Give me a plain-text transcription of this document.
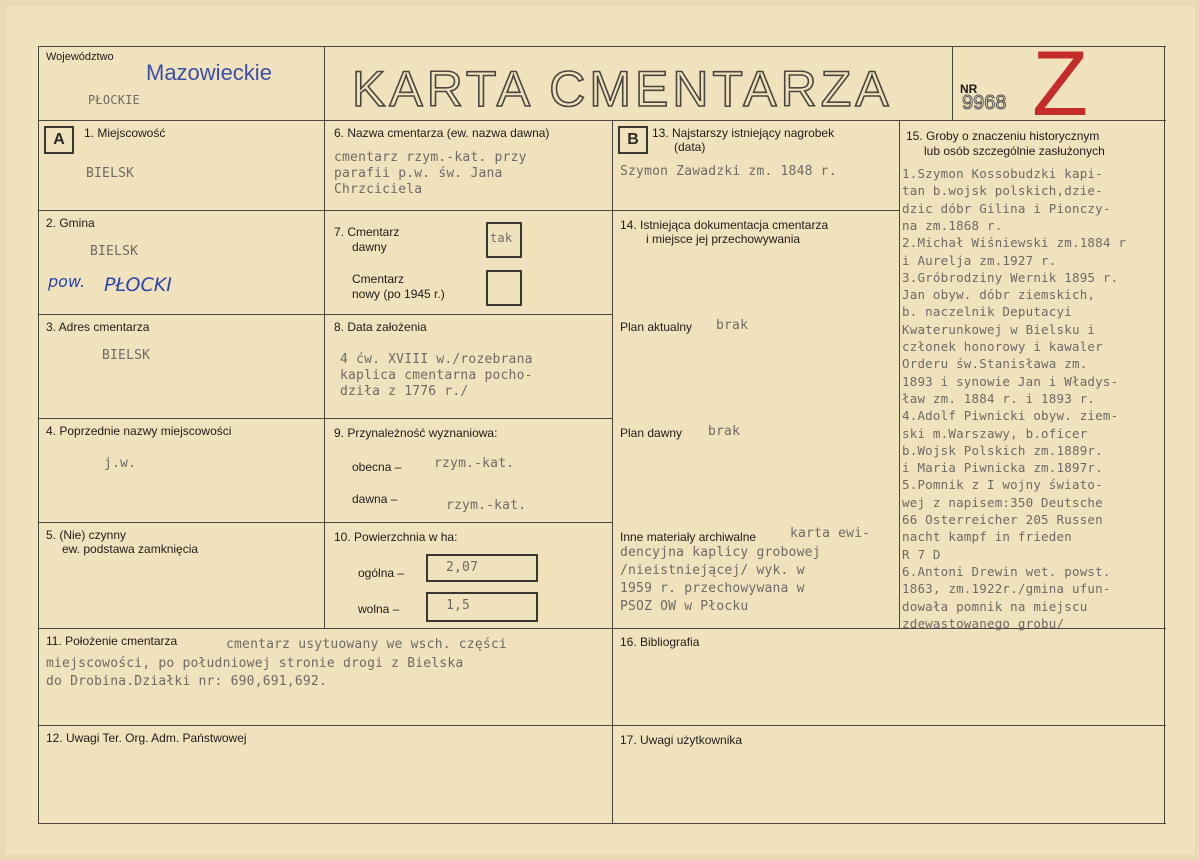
Województwo
Mazowieckie
PŁOCKIE	KARTA CMENTARZA	NR
9968 Z
A	B
1. Miejscowość
BIELSK
2. Gmina
BIELSK
pow. PŁOCKI
3. Adres cmentarza
BIELSK
4. Poprzednie nazwy miejscowości
j.w.
5. (Nie) czynny
ew. podstawa zamknięcia
6. Nazwa cmentarza (ew. nazwa dawna)
cmentarz rzym.-kat. przy
parafii p.w. św. Jana
Chrzciciela
7. Cmentarz
dawny
tak
Cmentarz
nowy (po 1945 r.)
8. Data założenia
4 ćw. XVIII w./rozebrana
kaplica cmentarna pocho-
dziła z 1776 r./
9. Przynależność wyznaniowa:
obecna –	rzym.-kat.
dawna –	rzym.-kat.
10. Powierzchnia w ha:
ogólna –	2,07
wolna –	1,5
11. Położenie cmentarza	cmentarz usytuowany we wsch. części
miejscowości, po południowej stronie drogi z Bielska
do Drobina.Działki nr: 690,691,692.
12. Uwagi Ter. Org. Adm. Państwowej
13. Najstarszy istniejący nagrobek
(data)
Szymon Zawadzki zm. 1848 r.
14. Istniejąca dokumentacja cmentarza
i miejsce jej przechowywania
Plan aktualny brak
Plan dawny brak
Inne materiały archiwalne	karta ewi-
dencyjna kaplicy grobowej
/nieistniejącej/ wyk. w
1959 r. przechowywana w
PSOZ OW w Płocku
15. Groby o znaczeniu historycznym
lub osób szczególnie zasłużonych
1.Szymon Kossobudzki kapi-
tan b.wojsk polskich,dzie-
dzic dóbr Gilina i Pionczy-
na zm.1868 r.
2.Michał Wiśniewski zm.1884 r
i Aurelja zm.1927 r.
3.Gróbrodziny Wernik 1895 r.
Jan obyw. dóbr ziemskich,
b. naczelnik Deputacyi
Kwaterunkowej w Bielsku i
członek honorowy i kawaler
Orderu św.Stanisława zm.
1893 i synowie Jan i Władys-
ław zm. 1884 r. i 1893 r.
4.Adolf Piwnicki obyw. ziem-
ski m.Warszawy, b.oficer
b.Wojsk Polskich zm.1889r.
i Maria Piwnicka zm.1897r.
5.Pomnik z I wojny świato-
wej z napisem:350 Deutsche
66 Osterreicher 205 Russen
nacht kampf in frieden
R 7 D
6.Antoni Drewin wet. powst.
1863, zm.1922r./gmina ufun-
dowała pomnik na miejscu
zdewastowanego grobu/
16. Bibliografia
17. Uwagi użytkownika
